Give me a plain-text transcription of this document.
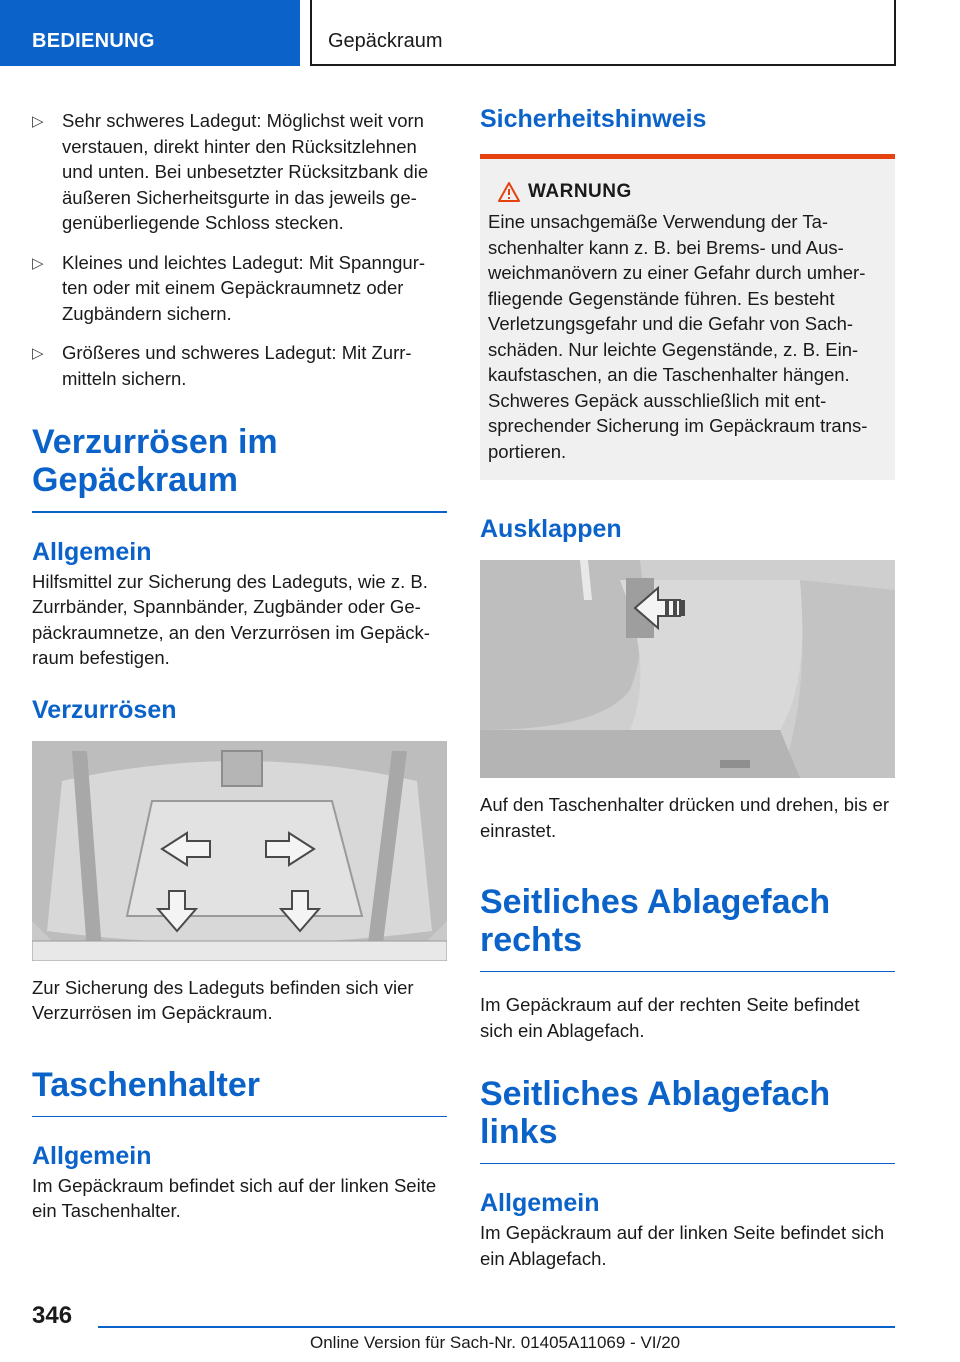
BEDIENUNG	Gepäckraum
▷ Sehr schweres Ladegut: Möglichst weit vorn verstauen, direkt hinter den Rücksitzlehnen und unten. Bei unbesetzter Rücksitzbank die äußeren Sicherheitsgurte in das jeweils ge- genüberliegende Schloss stecken.
▷ Kleines und leichtes Ladegut: Mit Spanngur- ten oder mit einem Gepäckraumnetz oder Zugbändern sichern.
▷ Größeres und schweres Ladegut: Mit Zurr- mitteln sichern.
Verzurrösen im Gepäckraum
Allgemein

Hilfsmittel zur Sicherung des Ladeguts, wie z. B. Zurrbänder, Spannbänder, Zugbänder oder Ge- päckraumnetze, an den Verzurrösen im Gepäck- raum befestigen.

Verzurrösen

Zur Sicherung des Ladeguts befinden sich vier Verzurrösen im Gepäckraum.

Taschenhalter
Allgemein

Im Gepäckraum befindet sich auf der linken Seite ein Taschenhalter.

Sicherheitshinweis
WARNUNG

Eine unsachgemäße Verwendung der Ta- schenhalter kann z. B. bei Brems- und Aus- weichmanövern zu einer Gefahr durch umher- fliegende Gegenstände führen. Es besteht Verletzungsgefahr und die Gefahr von Sach- schäden. Nur leichte Gegenstände, z. B. Ein- kaufstaschen, an die Taschenhalter hängen. Schweres Gepäck ausschließlich mit ent- sprechender Sicherung im Gepäckraum trans- portieren.

Ausklappen

Auf den Taschenhalter drücken und drehen, bis er einrastet.

Seitliches Ablagefach rechts

Im Gepäckraum auf der rechten Seite befindet sich ein Ablagefach.

Seitliches Ablagefach links
Allgemein

Im Gepäckraum auf der linken Seite befindet sich ein Ablagefach.

346
Online Version für Sach-Nr. 01405A11069 - VI/20
